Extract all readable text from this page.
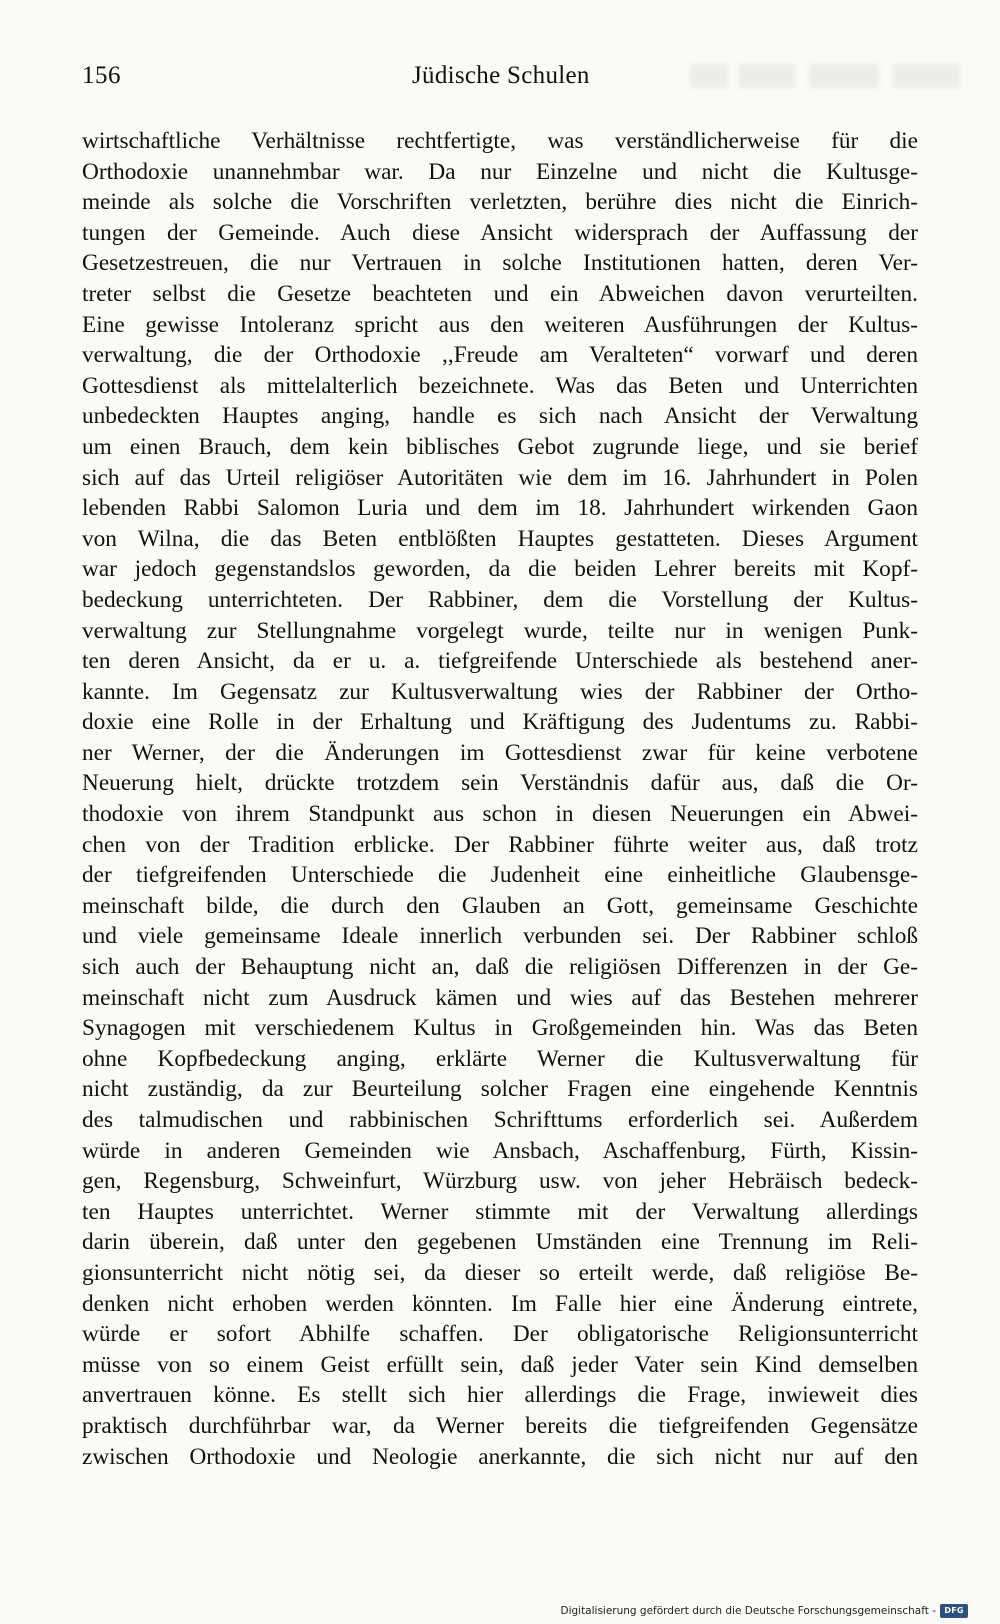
156	Jüdische Schulen
wirtschaftliche Verhältnisse rechtfertigte, was verständlicherweise für die
Orthodoxie unannehmbar war. Da nur Einzelne und nicht die Kultusge-
meinde als solche die Vorschriften verletzten, berühre dies nicht die Einrich-
tungen der Gemeinde. Auch diese Ansicht widersprach der Auffassung der
Gesetzestreuen, die nur Vertrauen in solche Institutionen hatten, deren Ver-
treter selbst die Gesetze beachteten und ein Abweichen davon verurteilten.
Eine gewisse Intoleranz spricht aus den weiteren Ausführungen der Kultus-
verwaltung, die der Orthodoxie ,,Freude am Veralteten“ vorwarf und deren
Gottesdienst als mittelalterlich bezeichnete. Was das Beten und Unterrichten
unbedeckten Hauptes anging, handle es sich nach Ansicht der Verwaltung
um einen Brauch, dem kein biblisches Gebot zugrunde liege, und sie berief
sich auf das Urteil religiöser Autoritäten wie dem im 16. Jahrhundert in Polen
lebenden Rabbi Salomon Luria und dem im 18. Jahrhundert wirkenden Gaon
von Wilna, die das Beten entblößten Hauptes gestatteten. Dieses Argument
war jedoch gegenstandslos geworden, da die beiden Lehrer bereits mit Kopf-
bedeckung unterrichteten. Der Rabbiner, dem die Vorstellung der Kultus-
verwaltung zur Stellungnahme vorgelegt wurde, teilte nur in wenigen Punk-
ten deren Ansicht, da er u. a. tiefgreifende Unterschiede als bestehend aner-
kannte. Im Gegensatz zur Kultusverwaltung wies der Rabbiner der Ortho-
doxie eine Rolle in der Erhaltung und Kräftigung des Judentums zu. Rabbi-
ner Werner, der die Änderungen im Gottesdienst zwar für keine verbotene
Neuerung hielt, drückte trotzdem sein Verständnis dafür aus, daß die Or-
thodoxie von ihrem Standpunkt aus schon in diesen Neuerungen ein Abwei-
chen von der Tradition erblicke. Der Rabbiner führte weiter aus, daß trotz
der tiefgreifenden Unterschiede die Judenheit eine einheitliche Glaubensge-
meinschaft bilde, die durch den Glauben an Gott, gemeinsame Geschichte
und viele gemeinsame Ideale innerlich verbunden sei. Der Rabbiner schloß
sich auch der Behauptung nicht an, daß die religiösen Differenzen in der Ge-
meinschaft nicht zum Ausdruck kämen und wies auf das Bestehen mehrerer
Synagogen mit verschiedenem Kultus in Großgemeinden hin. Was das Beten
ohne Kopfbedeckung anging, erklärte Werner die Kultusverwaltung für
nicht zuständig, da zur Beurteilung solcher Fragen eine eingehende Kenntnis
des talmudischen und rabbinischen Schrifttums erforderlich sei. Außerdem
würde in anderen Gemeinden wie Ansbach, Aschaffenburg, Fürth, Kissin-
gen, Regensburg, Schweinfurt, Würzburg usw. von jeher Hebräisch bedeck-
ten Hauptes unterrichtet. Werner stimmte mit der Verwaltung allerdings
darin überein, daß unter den gegebenen Umständen eine Trennung im Reli-
gionsunterricht nicht nötig sei, da dieser so erteilt werde, daß religiöse Be-
denken nicht erhoben werden könnten. Im Falle hier eine Änderung eintrete,
würde er sofort Abhilfe schaffen. Der obligatorische Religionsunterricht
müsse von so einem Geist erfüllt sein, daß jeder Vater sein Kind demselben
anvertrauen könne. Es stellt sich hier allerdings die Frage, inwieweit dies
praktisch durchführbar war, da Werner bereits die tiefgreifenden Gegensätze
zwischen Orthodoxie und Neologie anerkannte, die sich nicht nur auf den
Digitalisierung gefördert durch die Deutsche Forschungsgemeinschaft -	DFG
